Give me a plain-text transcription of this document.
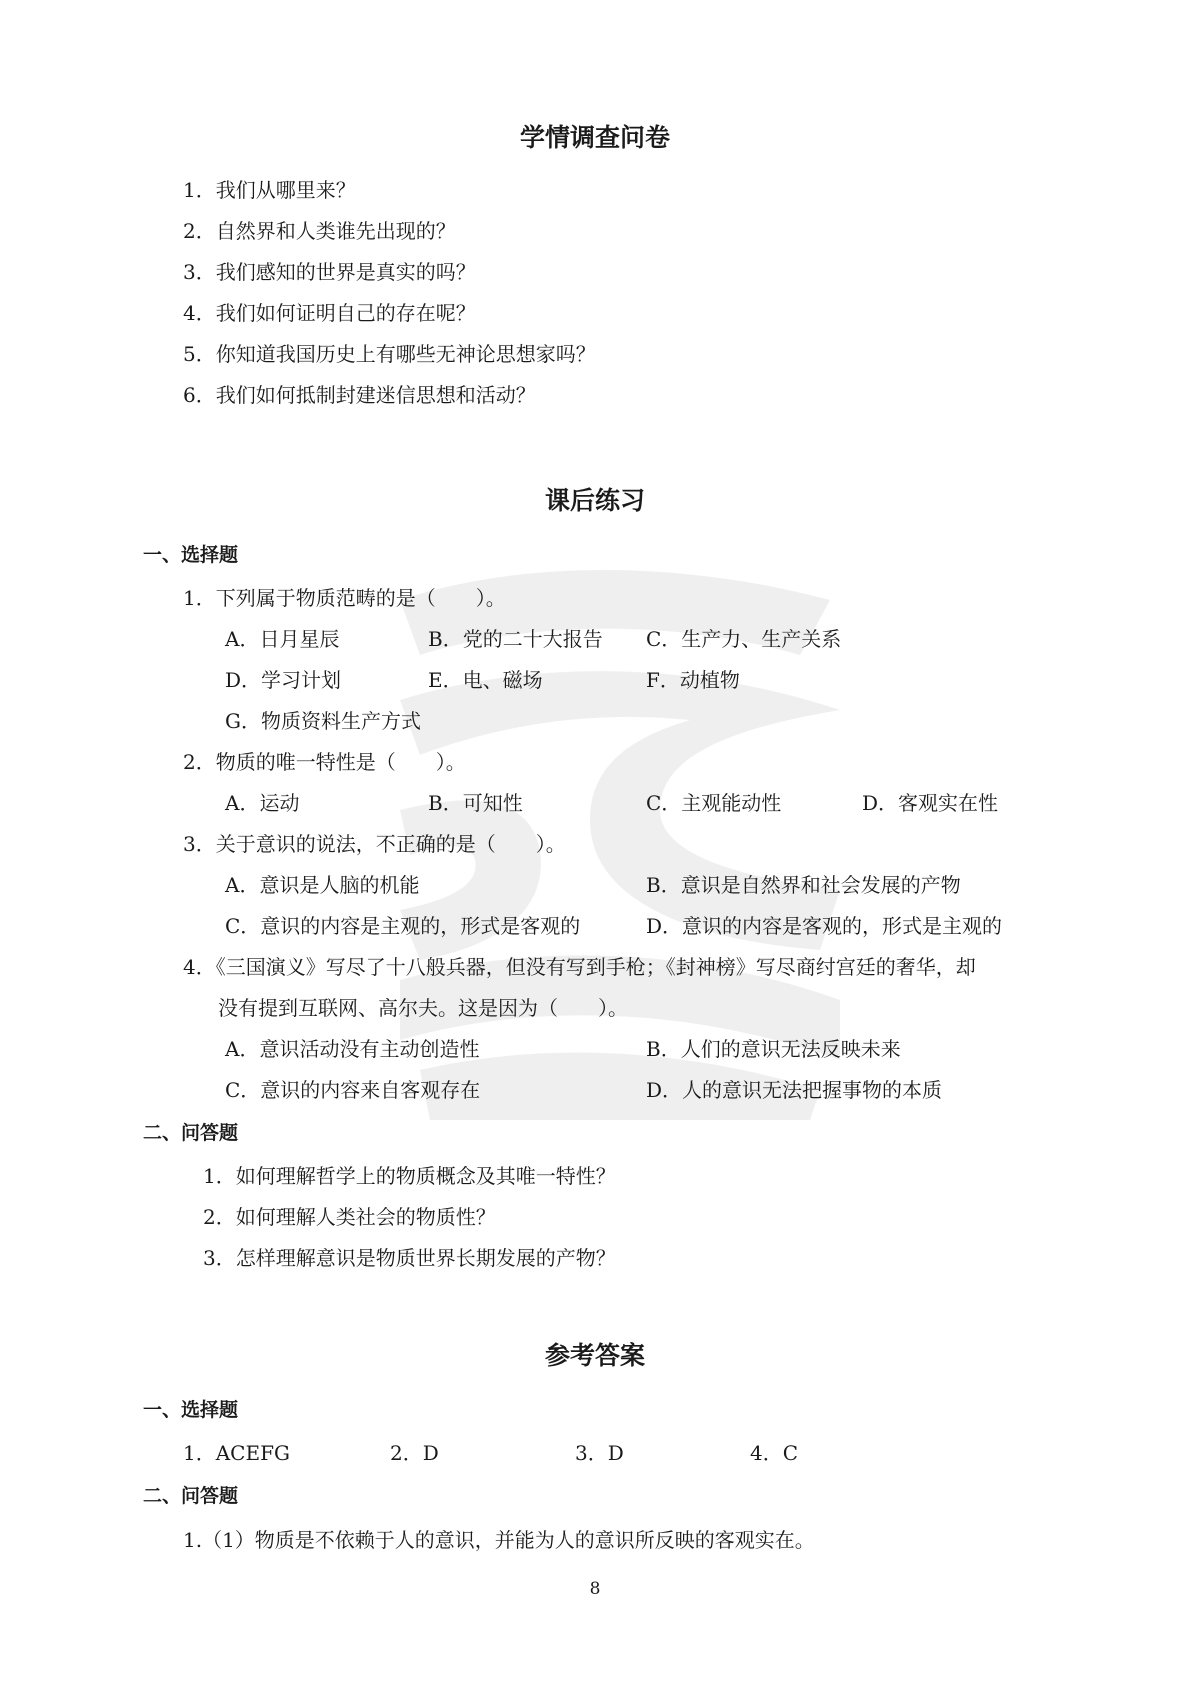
学情调查问卷
1．我们从哪里来？
2．自然界和人类谁先出现的？
3．我们感知的世界是真实的吗？
4．我们如何证明自己的存在呢？
5．你知道我国历史上有哪些无神论思想家吗？
6．我们如何抵制封建迷信思想和活动？
课后练习
一、选择题
1．下列属于物质范畴的是（　　）。
A．日月星辰	B．党的二十大报告 C．生产力、生产关系
D．学习计划	E．电、磁场	F．动植物
G．物质资料生产方式
2．物质的唯一特性是（　　）。
A．运动	B．可知性	C．主观能动性	D．客观实在性
3．关于意识的说法，不正确的是（　　）。
A．意识是人脑的机能	B．意识是自然界和社会发展的产物
C．意识的内容是主观的，形式是客观的	D．意识的内容是客观的，形式是主观的
4．《三国演义》写尽了十八般兵器，但没有写到手枪；《封神榜》写尽商纣宫廷的奢华，却
没有提到互联网、高尔夫。这是因为（　　）。
A．意识活动没有主动创造性	B．人们的意识无法反映未来
C．意识的内容来自客观存在	D．人的意识无法把握事物的本质
二、问答题
1．如何理解哲学上的物质概念及其唯一特性？
2．如何理解人类社会的物质性？
3．怎样理解意识是物质世界长期发展的产物？
参考答案
一、选择题
1．ACEFG	2．D	3．D	4．C
二、问答题
1.（1）物质是不依赖于人的意识，并能为人的意识所反映的客观实在。
8
